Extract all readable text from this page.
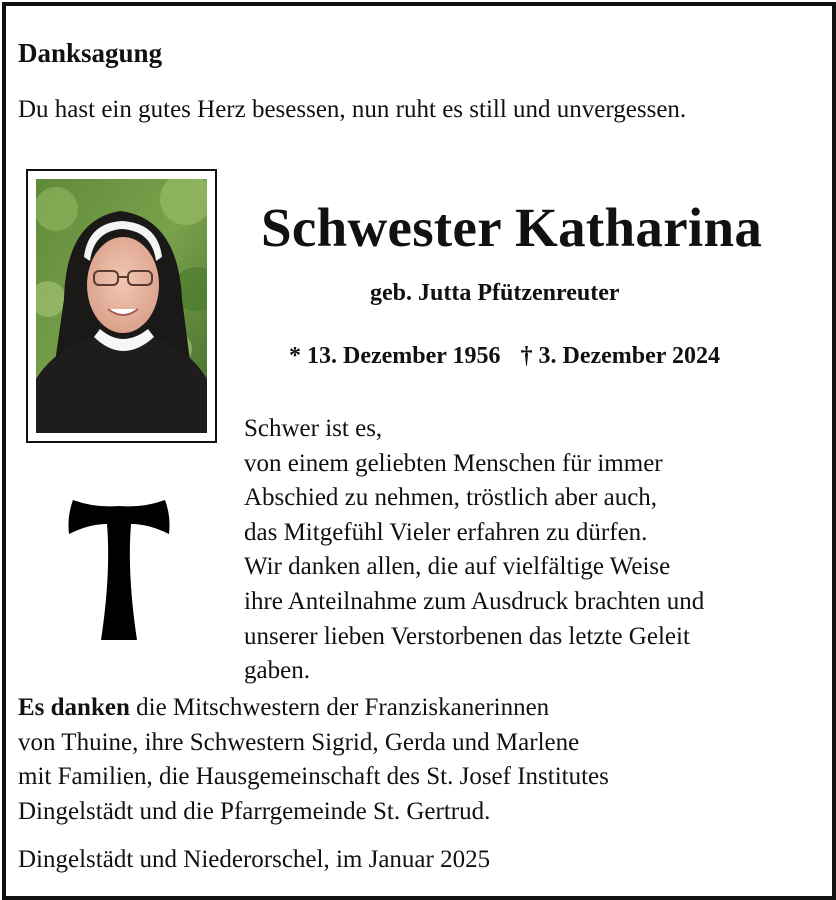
Danksagung
Du hast ein gutes Herz besessen, nun ruht es still und unvergessen.
Schwester Katharina
geb. Jutta Pfützenreuter
* 13. Dezember 1956 † 3. Dezember 2024
Schwer ist es,
von einem geliebten Menschen für immer
Abschied zu nehmen, tröstlich aber auch,
das Mitgefühl Vieler erfahren zu dürfen.
Wir danken allen, die auf vielfältige Weise
ihre Anteilnahme zum Ausdruck brachten und
unserer lieben Verstorbenen das letzte Geleit
gaben.
Es danken die Mitschwestern der Franziskanerinnen
von Thuine, ihre Schwestern Sigrid, Gerda und Marlene
mit Familien, die Hausgemeinschaft des St. Josef Institutes
Dingelstädt und die Pfarrgemeinde St. Gertrud.
Dingelstädt und Niederorschel, im Januar 2025
